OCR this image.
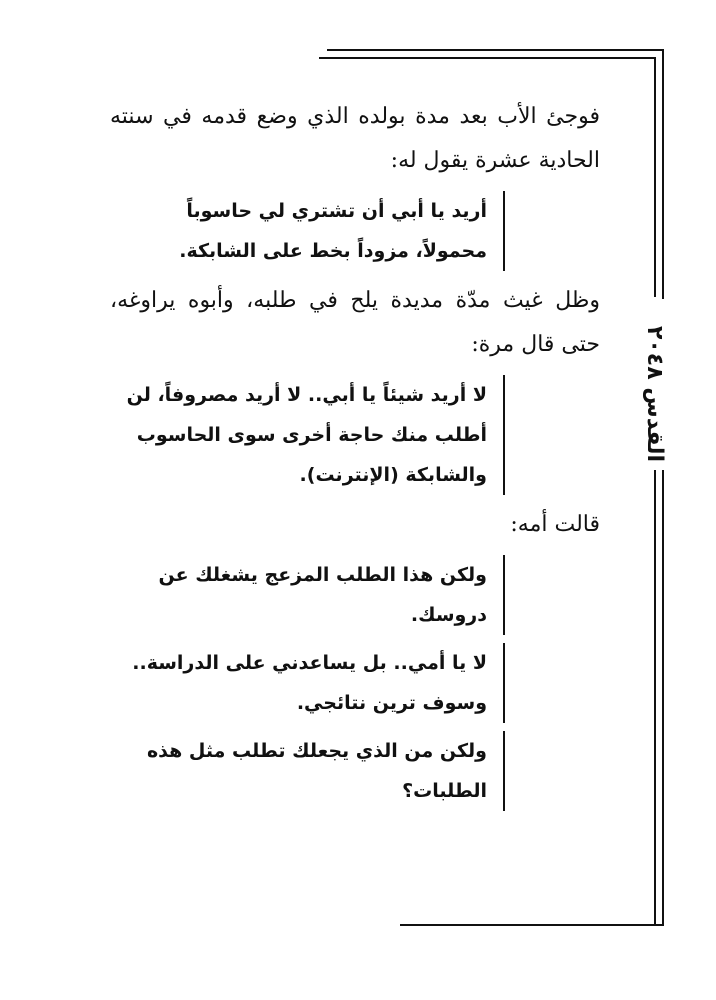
القدس ٢٠٤٨

فوجئ الأب بعد مدة بولده الذي وضع قدمه في سنته الحادية عشرة يقول له:

أريد يا أبي أن تشتري لي حاسوباً محمولاً، مزوداً بخط على الشابكة.

وظل غيث مدّة مديدة يلح في طلبه، وأبوه يراوغه، حتى قال مرة:

لا أريد شيئاً يا أبي.. لا أريد مصروفاً، لن أطلب منك حاجة أخرى سوى الحاسوب والشابكة (الإنترنت).

قالت أمه:

ولكن هذا الطلب المزعج يشغلك عن دروسك.

لا يا أمي.. بل يساعدني على الدراسة.. وسوف ترين نتائجي.

ولكن من الذي يجعلك تطلب مثل هذه الطلبات؟
